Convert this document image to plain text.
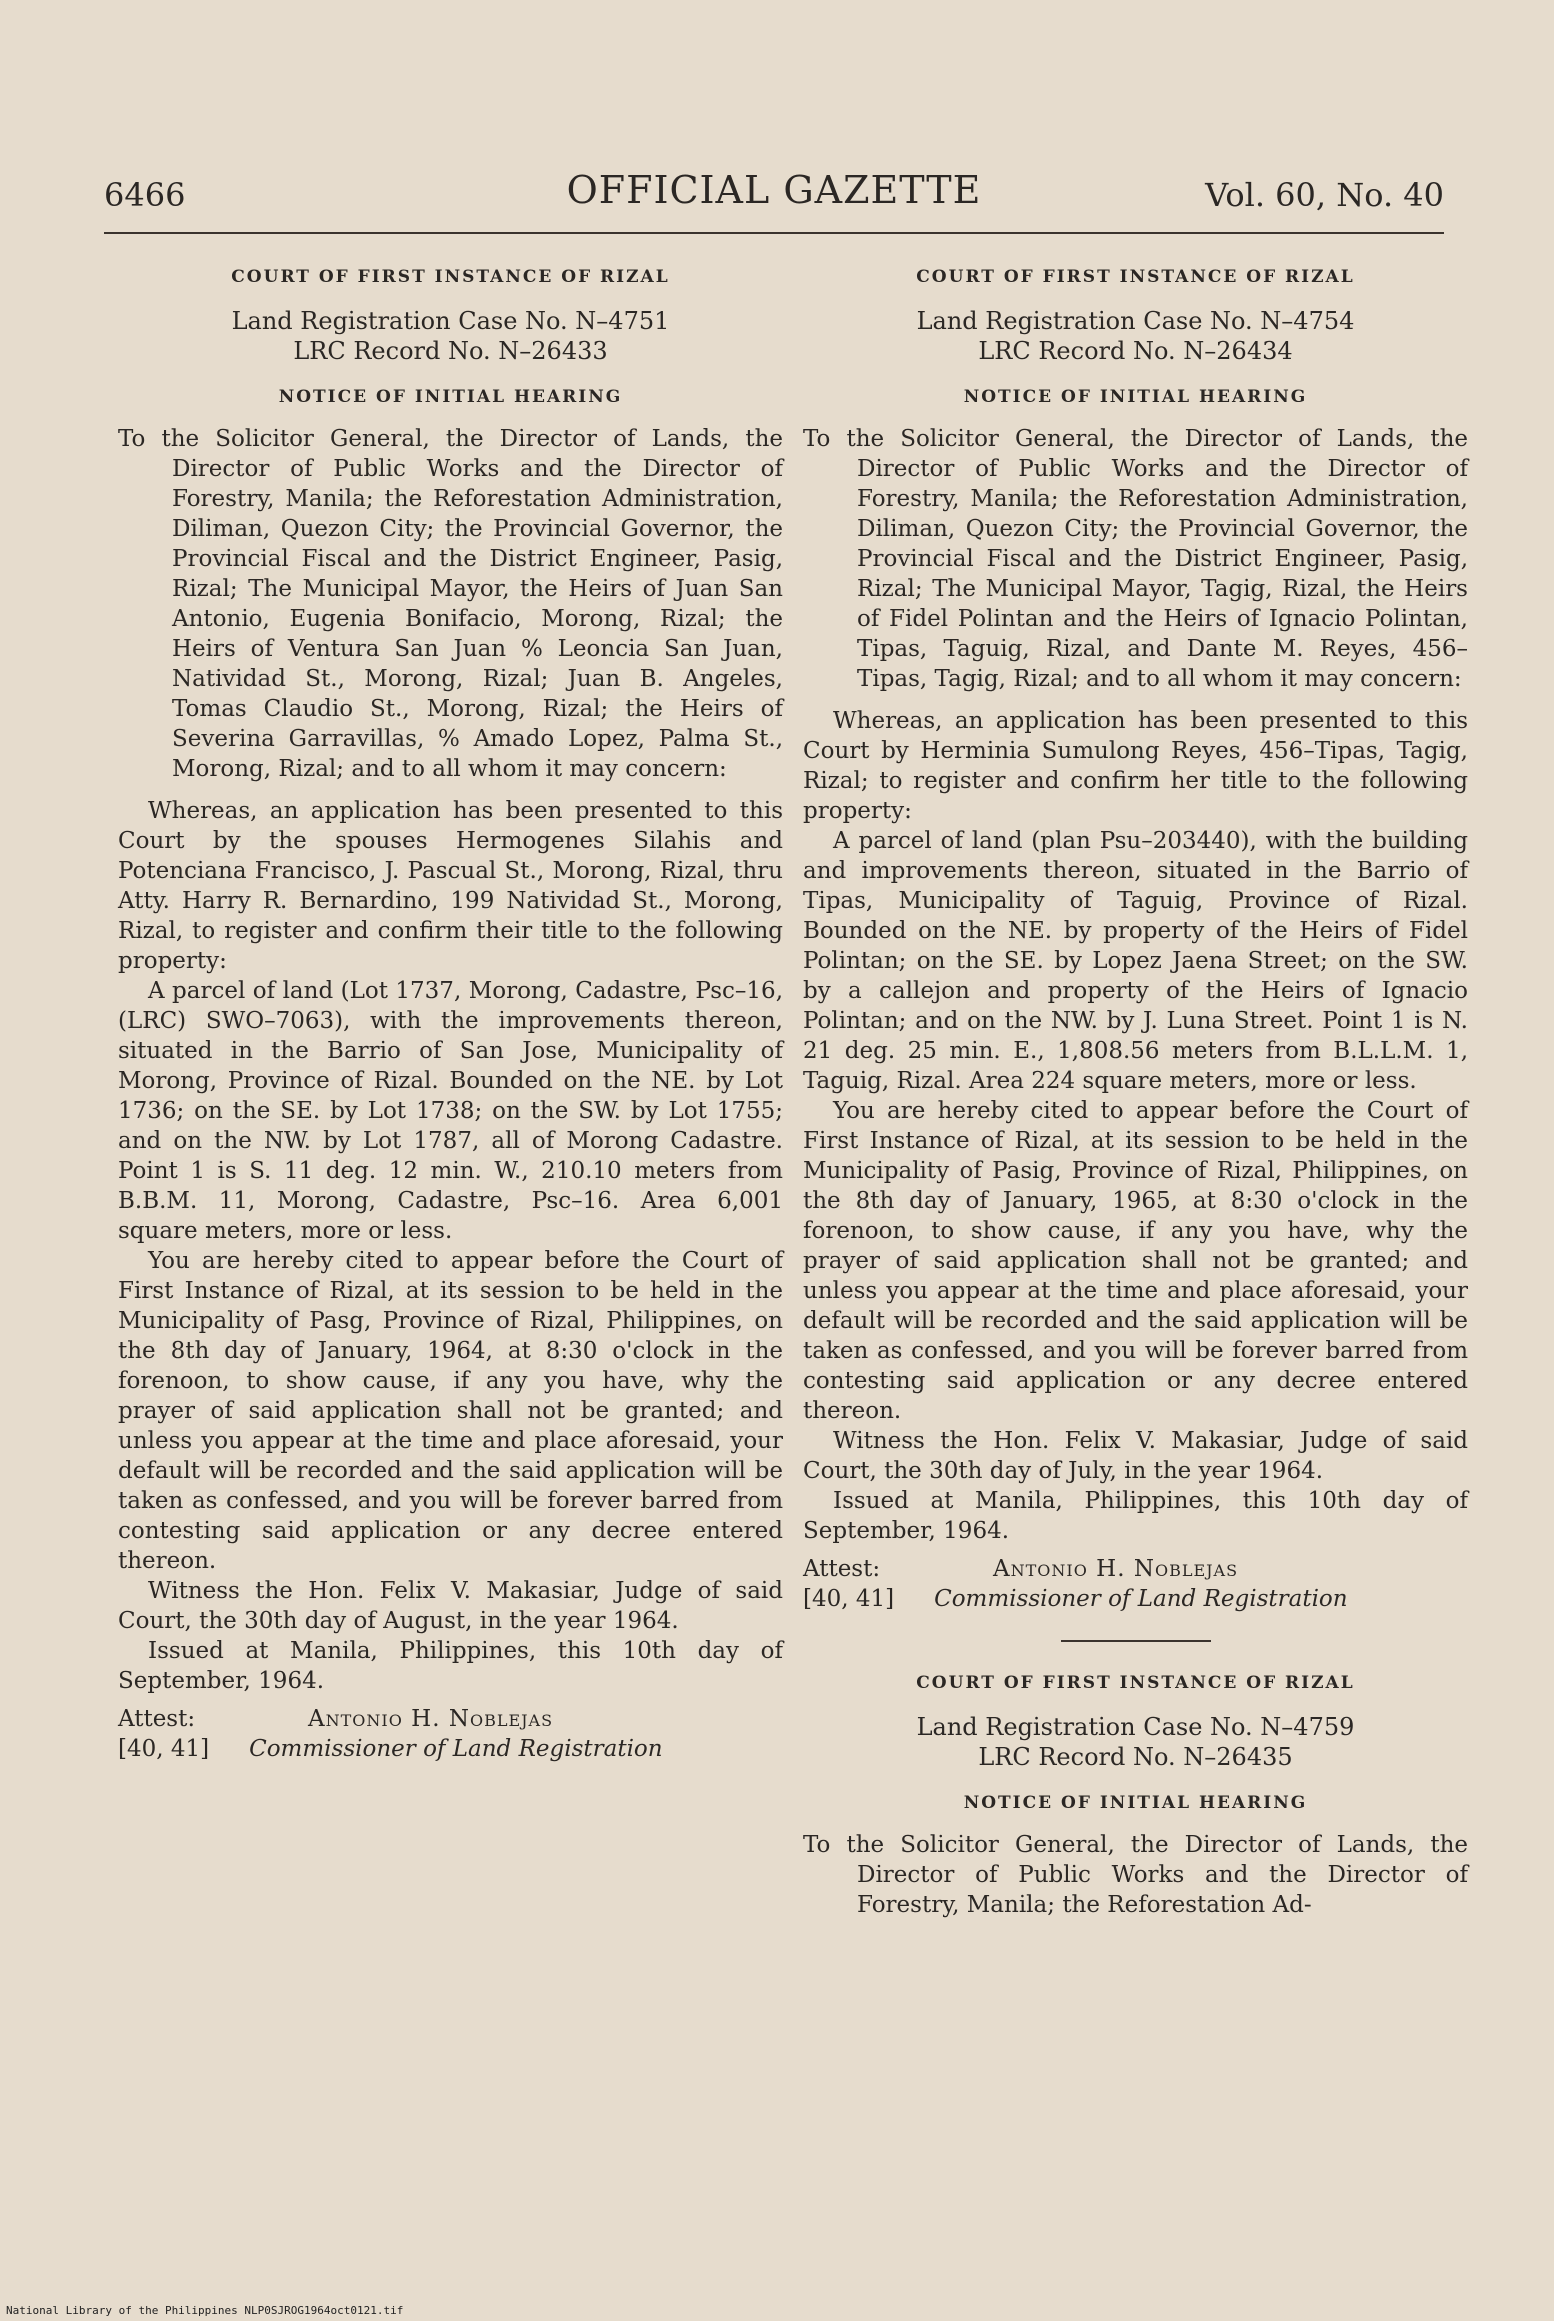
6466	OFFICIAL GAZETTE	Vol. 60, No. 40
COURT OF FIRST INSTANCE OF RIZAL
Land Registration Case No. N–4751
LRC Record No. N–26433
NOTICE OF INITIAL HEARING

To the Solicitor General, the Director of Lands, the Director of Public Works and the Director of Forestry, Manila; the Reforestation Administration, Diliman, Quezon City; the Provincial Governor, the Provincial Fiscal and the District Engineer, Pasig, Rizal; The Municipal Mayor, the Heirs of Juan San Antonio, Eugenia Bonifacio, Morong, Rizal; the Heirs of Ventura San Juan % Leoncia San Juan, Natividad St., Morong, Rizal; Juan B. Angeles, Tomas Claudio St., Morong, Rizal; the Heirs of Severina Garravillas, % Amado Lopez, Palma St., Morong, Rizal; and to all whom it may concern:

Whereas, an application has been presented to this Court by the spouses Hermogenes Silahis and Potenciana Francisco, J. Pascual St., Morong, Rizal, thru Atty. Harry R. Bernardino, 199 Natividad St., Morong, Rizal, to register and confirm their title to the following property:

A parcel of land (Lot 1737, Morong, Cadastre, Psc–16, (LRC) SWO–7063), with the improvements thereon, situated in the Barrio of San Jose, Municipality of Morong, Province of Rizal. Bounded on the NE. by Lot 1736; on the SE. by Lot 1738; on the SW. by Lot 1755; and on the NW. by Lot 1787, all of Morong Cadastre. Point 1 is S. 11 deg. 12 min. W., 210.10 meters from B.B.M. 11, Morong, Cadastre, Psc–16. Area 6,001 square meters, more or less.

You are hereby cited to appear before the Court of First Instance of Rizal, at its session to be held in the Municipality of Pasg, Province of Rizal, Philippines, on the 8th day of January, 1964, at 8:30 o'clock in the forenoon, to show cause, if any you have, why the prayer of said application shall not be granted; and unless you appear at the time and place aforesaid, your default will be recorded and the said application will be taken as confessed, and you will be forever barred from contesting said application or any decree entered thereon.

Witness the Hon. Felix V. Makasiar, Judge of said Court, the 30th day of August, in the year 1964.

Issued at Manila, Philippines, this 10th day of September, 1964.

Attest:	Antonio H. Noblejas
[40, 41] Commissioner of Land Registration
COURT OF FIRST INSTANCE OF RIZAL
Land Registration Case No. N–4754
LRC Record No. N–26434
NOTICE OF INITIAL HEARING

To the Solicitor General, the Director of Lands, the Director of Public Works and the Director of Forestry, Manila; the Reforestation Administration, Diliman, Quezon City; the Provincial Governor, the Provincial Fiscal and the District Engineer, Pasig, Rizal; The Municipal Mayor, Tagig, Rizal, the Heirs of Fidel Polintan and the Heirs of Ignacio Polintan, Tipas, Taguig, Rizal, and Dante M. Reyes, 456–Tipas, Tagig, Rizal; and to all whom it may concern:

Whereas, an application has been presented to this Court by Herminia Sumulong Reyes, 456–Tipas, Tagig, Rizal; to register and confirm her title to the following property:

A parcel of land (plan Psu–203440), with the building and improvements thereon, situated in the Barrio of Tipas, Municipality of Taguig, Province of Rizal. Bounded on the NE. by property of the Heirs of Fidel Polintan; on the SE. by Lopez Jaena Street; on the SW. by a callejon and property of the Heirs of Ignacio Polintan; and on the NW. by J. Luna Street. Point 1 is N. 21 deg. 25 min. E., 1,808.56 meters from B.L.L.M. 1, Taguig, Rizal. Area 224 square meters, more or less.

You are hereby cited to appear before the Court of First Instance of Rizal, at its session to be held in the Municipality of Pasig, Province of Rizal, Philippines, on the 8th day of January, 1965, at 8:30 o'clock in the forenoon, to show cause, if any you have, why the prayer of said application shall not be granted; and unless you appear at the time and place aforesaid, your default will be recorded and the said application will be taken as confessed, and you will be forever barred from contesting said application or any decree entered thereon.

Witness the Hon. Felix V. Makasiar, Judge of said Court, the 30th day of July, in the year 1964.

Issued at Manila, Philippines, this 10th day of September, 1964.

Attest:	Antonio H. Noblejas
[40, 41] Commissioner of Land Registration
COURT OF FIRST INSTANCE OF RIZAL
Land Registration Case No. N–4759
LRC Record No. N–26435
NOTICE OF INITIAL HEARING

To the Solicitor General, the Director of Lands, the Director of Public Works and the Director of Forestry, Manila; the Reforestation Ad-

National Library of the Philippines NLP0SJROG1964oct0121.tif
